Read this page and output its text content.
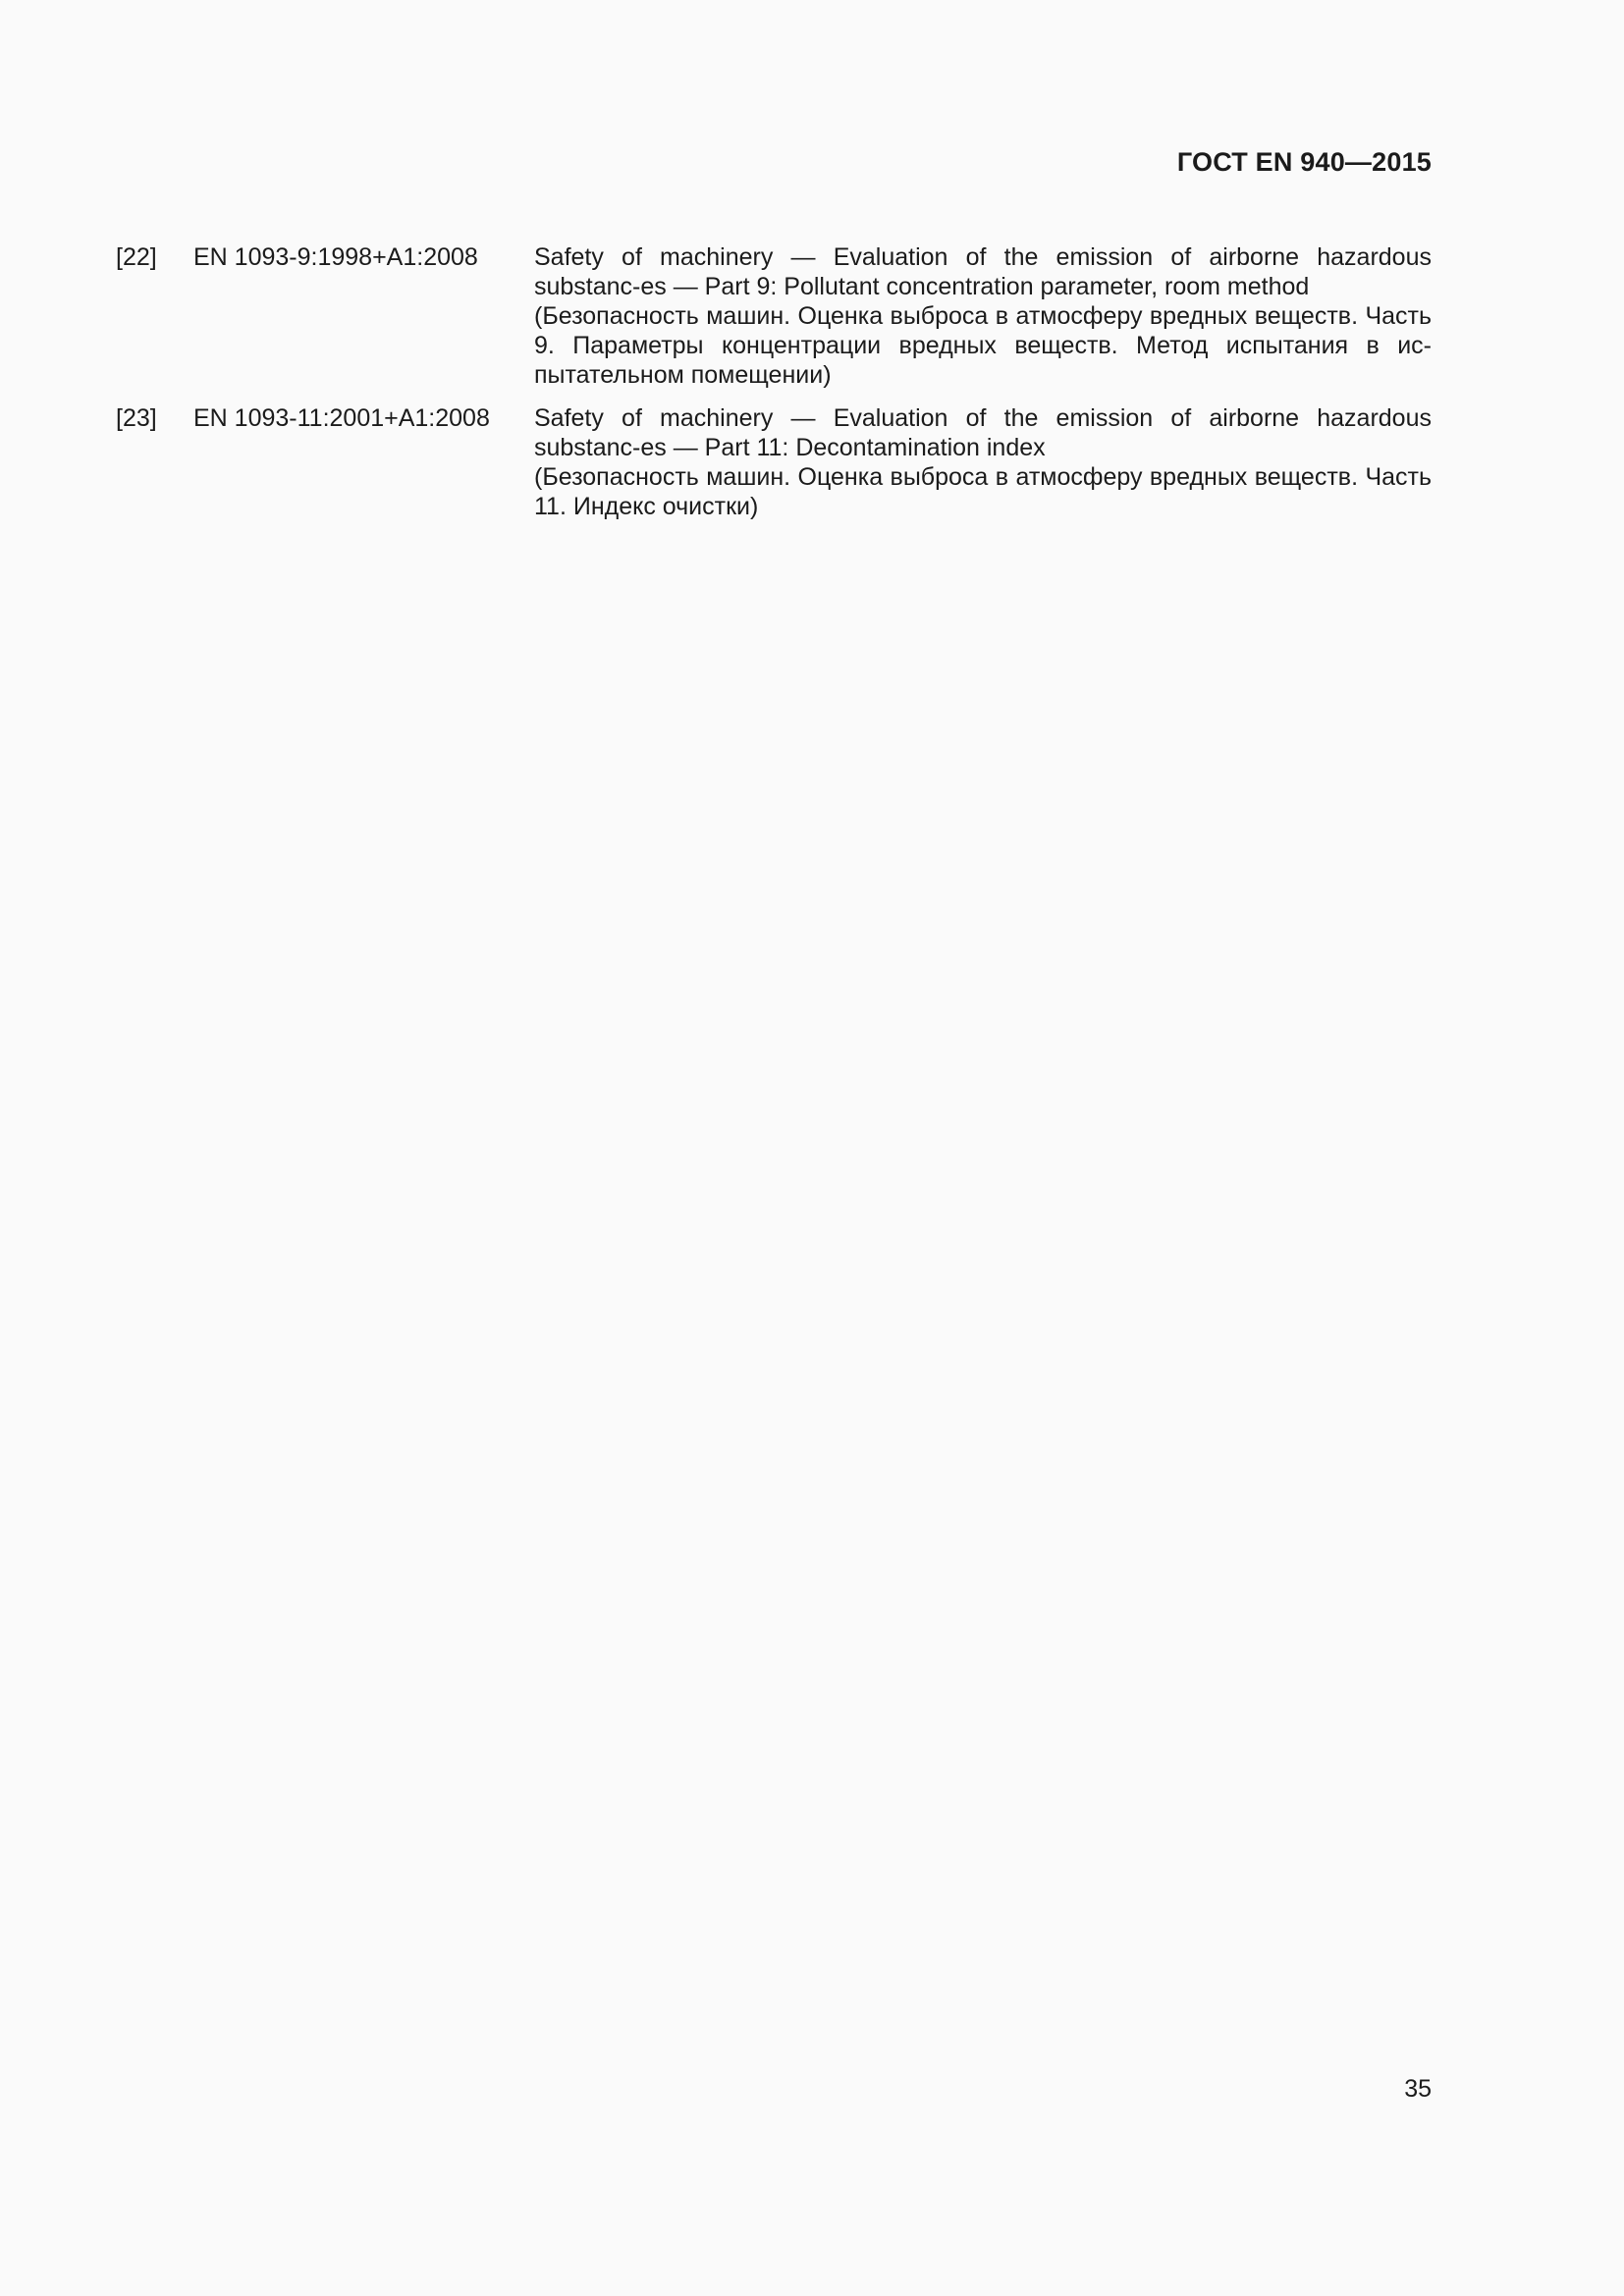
ГОСТ EN 940—2015
[22] EN 1093-9:1998+A1:2008 Safety of machinery — Evaluation of the emission of airborne hazardous substanc-es — Part 9: Pollutant concentration parameter, room method

(Безопасность машин. Оценка выброса в атмосферу вредных веществ. Часть 9. Параметры концентрации вредных веществ. Метод испытания в ис-пытательном помещении)

[23] EN 1093-11:2001+A1:2008 Safety of machinery — Evaluation of the emission of airborne hazardous substanc-es — Part 11: Decontamination index

(Безопасность машин. Оценка выброса в атмосферу вредных веществ. Часть 11. Индекс очистки)

35
